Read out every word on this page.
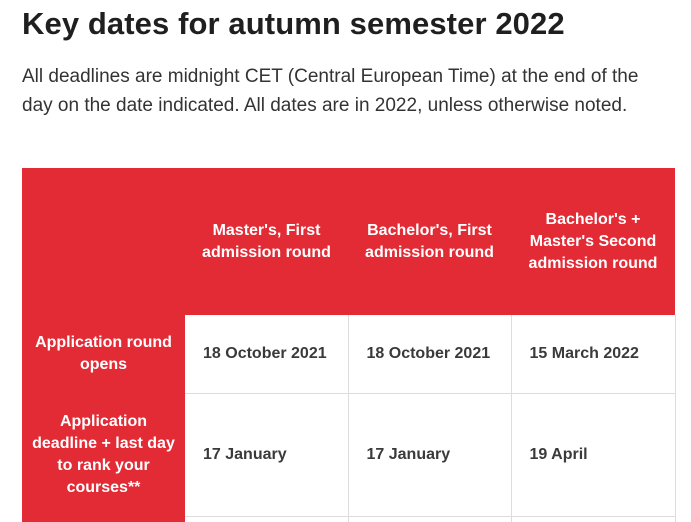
Key dates for autumn semester 2022

All deadlines are midnight CET (Central European Time) at the end of the day on the date indicated. All dates are in 2022, unless otherwise noted.

	Master's, First admission round	Bachelor's, First admission round	Bachelor's + Master's Second admission round
Application round opens	18 October 2021	18 October 2021	15 March 2022
Application deadline + last day to rank your courses**	17 January	17 January	19 April
